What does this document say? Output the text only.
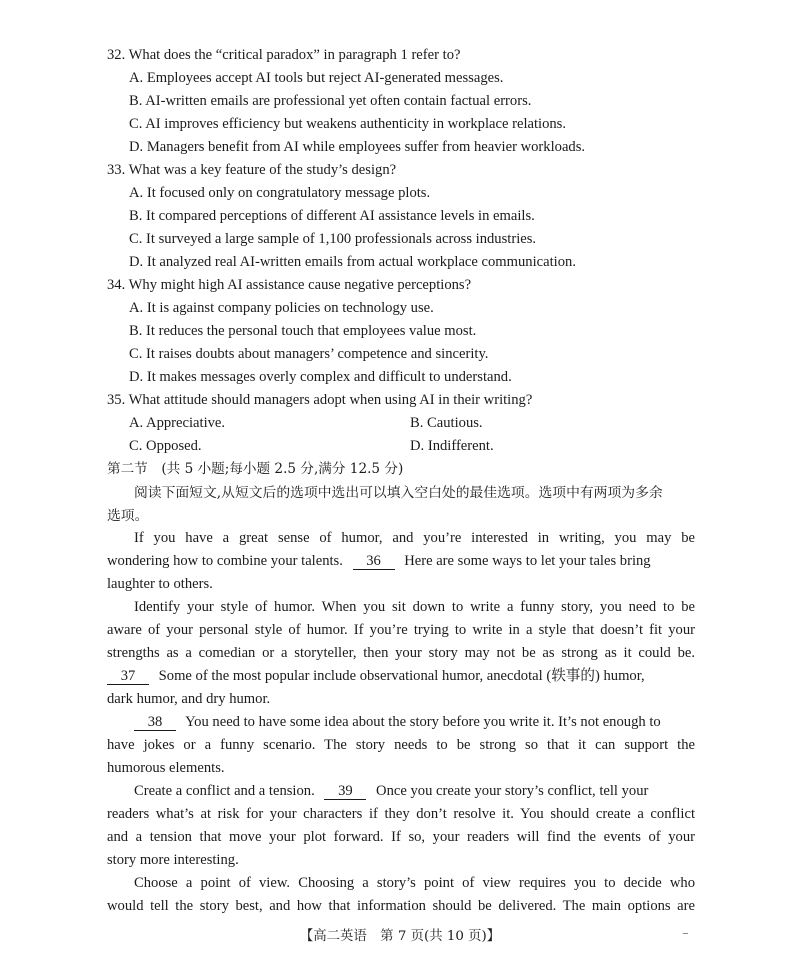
32. What does the “critical paradox” in paragraph 1 refer to?
A. Employees accept AI tools but reject AI-generated messages.
B. AI-written emails are professional yet often contain factual errors.
C. AI improves efficiency but weakens authenticity in workplace relations.
D. Managers benefit from AI while employees suffer from heavier workloads.
33. What was a key feature of the study’s design?
A. It focused only on congratulatory message plots.
B. It compared perceptions of different AI assistance levels in emails.
C. It surveyed a large sample of 1,100 professionals across industries.
D. It analyzed real AI-written emails from actual workplace communication.
34. Why might high AI assistance cause negative perceptions?
A. It is against company policies on technology use.
B. It reduces the personal touch that employees value most.
C. It raises doubts about managers’ competence and sincerity.
D. It makes messages overly complex and difficult to understand.
35. What attitude should managers adopt when using AI in their writing?
A. Appreciative.	B. Cautious.
C. Opposed.	D. Indifferent.
第二节　(共 5 小题;每小题 2.5 分,满分 12.5 分)
阅读下面短文,从短文后的选项中选出可以填入空白处的最佳选项。选项中有两项为多余
选项。
If you have a great sense of humor, and you’re interested in writing, you may be
wondering how to combine your talents. 36 Here are some ways to let your tales bring
laughter to others.
Identify your style of humor. When you sit down to write a funny story, you need to be
aware of your personal style of humor. If you’re trying to write in a style that doesn’t fit your
strengths as a comedian or a storyteller, then your story may not be as strong as it could be.
37 Some of the most popular include observational humor, anecdotal (轶事的) humor,
dark humor, and dry humor.
38 You need to have some idea about the story before you write it. It’s not enough to
have jokes or a funny scenario. The story needs to be strong so that it can support the
humorous elements.
Create a conflict and a tension. 39 Once you create your story’s conflict, tell your
readers what’s at risk for your characters if they don’t resolve it. You should create a conflict
and a tension that move your plot forward. If so, your readers will find the events of your
story more interesting.
Choose a point of view. Choosing a story’s point of view requires you to decide who
would tell the story best, and how that information should be delivered. The main options are
【高二英语　第 7 页(共 10 页)】	–
